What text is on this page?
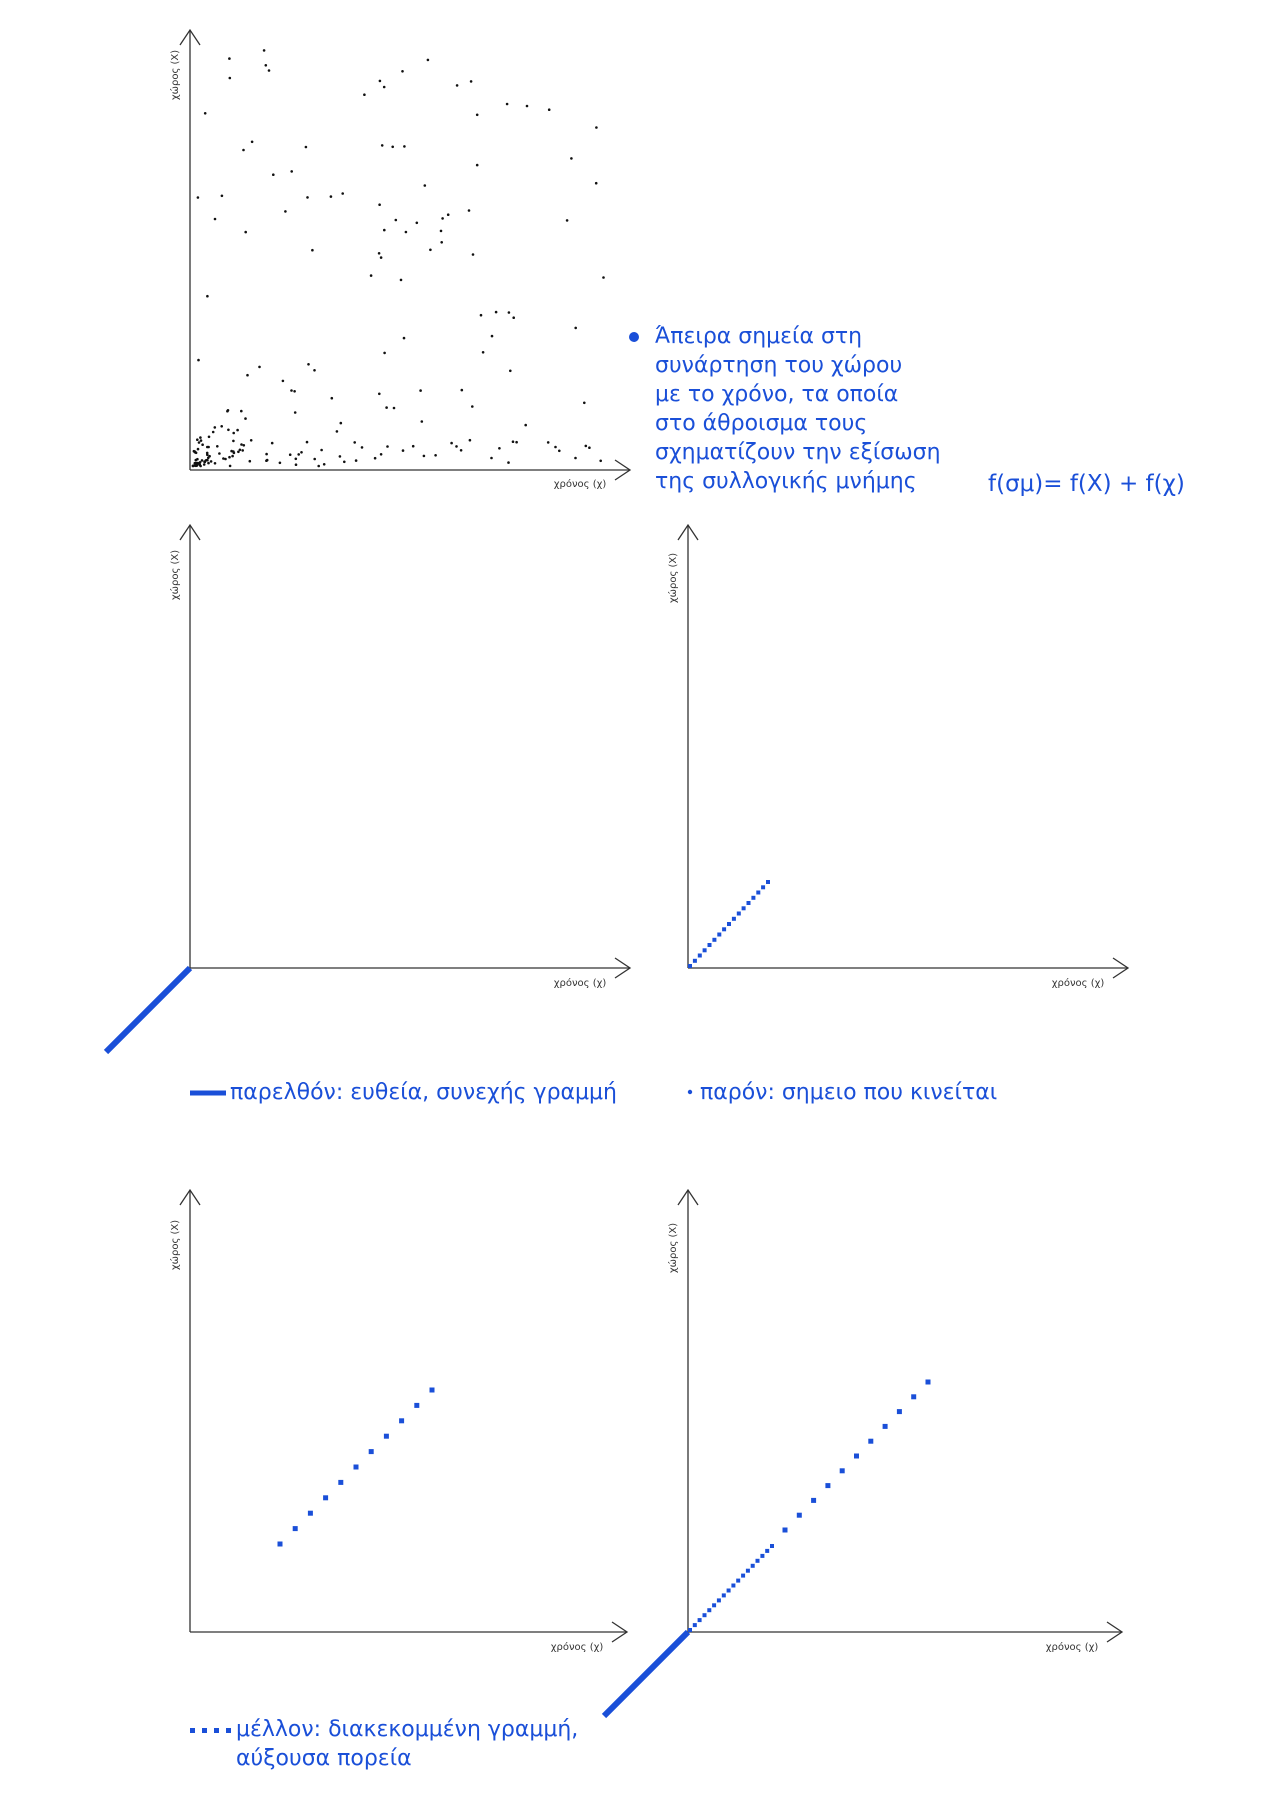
χώρος (Χ)
χρόνος (χ)
χώρος (Χ)
χρόνος (χ)
χώρος (Χ)
χρόνος (χ)
χώρος (Χ)
χρόνος (χ)
χώρος (Χ)
χρόνος (χ)
Άπειρα σημεία στη
συνάρτηση του χώρου
με το χρόνο, τα οποία
στο άθροισμα τους
σχηματίζουν την εξίσωση
της συλλογικής μνήμης	f(σμ)= f(Χ) + f(χ)
παρελθόν: ευθεία, συνεχής γραμμή	παρόν: σημειο που κινείται
μέλλον: διακεκομμένη γραμμή,
αύξουσα πορεία
